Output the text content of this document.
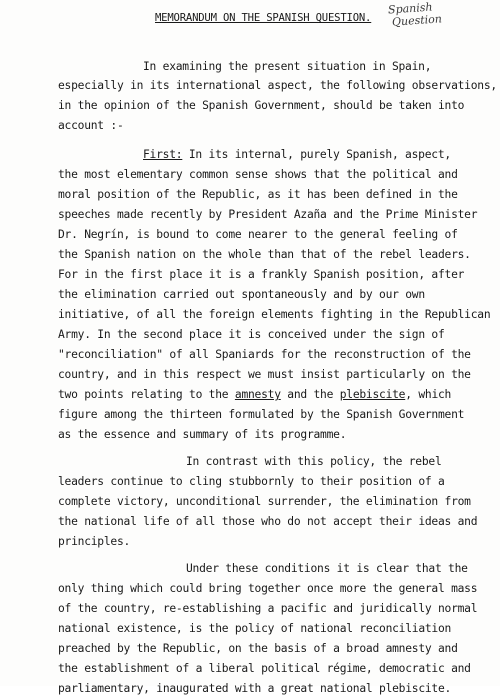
MEMORANDUM ON THE SPANISH QUESTION.
Spanish
Question
In examining the present situation in Spain,
especially in its international aspect, the following observations,
in the opinion of the Spanish Government, should be taken into
account :-
First: In its internal, purely Spanish, aspect,
the most elementary common sense shows that the political and
moral position of the Republic, as it has been defined in the
speeches made recently by President Azaña and the Prime Minister
Dr. Negrín, is bound to come nearer to the general feeling of
the Spanish nation on the whole than that of the rebel leaders.
For in the first place it is a frankly Spanish position, after
the elimination carried out spontaneously and by our own
initiative, of all the foreign elements fighting in the Republican
Army. In the second place it is conceived under the sign of
"reconciliation" of all Spaniards for the reconstruction of the
country, and in this respect we must insist particularly on the
two points relating to the amnesty and the plebiscite, which
figure among the thirteen formulated by the Spanish Government
as the essence and summary of its programme.
In contrast with this policy, the rebel
leaders continue to cling stubbornly to their position of a
complete victory, unconditional surrender, the elimination from
the national life of all those who do not accept their ideas and
principles.
Under these conditions it is clear that the
only thing which could bring together once more the general mass
of the country, re-establishing a pacific and juridically normal
national existence, is the policy of national reconciliation
preached by the Republic, on the basis of a broad amnesty and
the establishment of a liberal political régime, democratic and
parliamentary, inaugurated with a great national plebiscite.
